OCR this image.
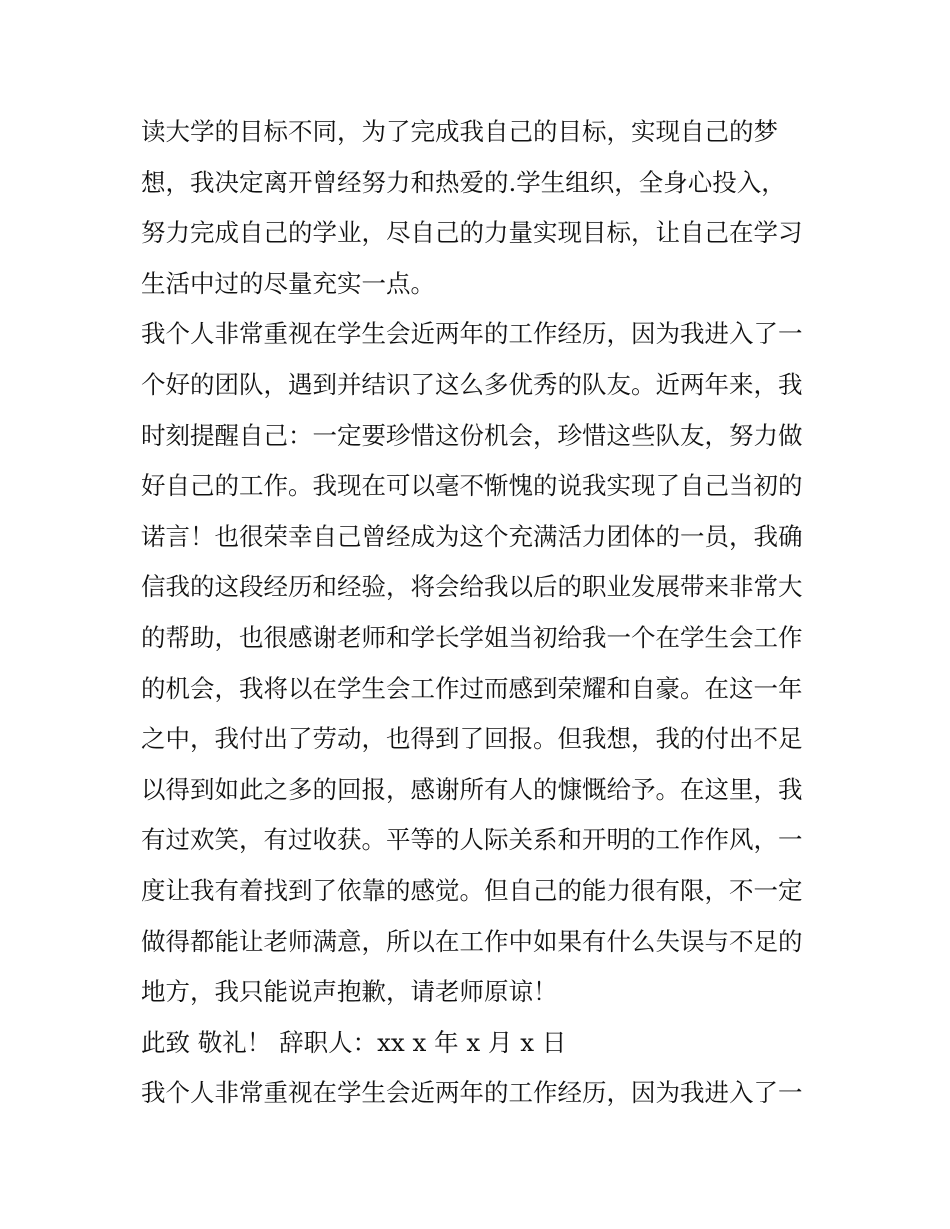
读大学的目标不同，为了完成我自己的目标，实现自己的梦
想，我决定离开曾经努力和热爱的.学生组织，全身心投入，
努力完成自己的学业，尽自己的力量实现目标，让自己在学习
生活中过的尽量充实一点。
我个人非常重视在学生会近两年的工作经历，因为我进入了一
个好的团队，遇到并结识了这么多优秀的队友。近两年来，我
时刻提醒自己：一定要珍惜这份机会，珍惜这些队友，努力做
好自己的工作。我现在可以毫不惭愧的说我实现了自己当初的
诺言！也很荣幸自己曾经成为这个充满活力团体的一员，我确
信我的这段经历和经验，将会给我以后的职业发展带来非常大
的帮助，也很感谢老师和学长学姐当初给我一个在学生会工作
的机会，我将以在学生会工作过而感到荣耀和自豪。在这一年
之中，我付出了劳动，也得到了回报。但我想，我的付出不足
以得到如此之多的回报，感谢所有人的慷慨给予。在这里，我
有过欢笑，有过收获。平等的人际关系和开明的工作作风，一
度让我有着找到了依靠的感觉。但自己的能力很有限，不一定
做得都能让老师满意，所以在工作中如果有什么失误与不足的
地方，我只能说声抱歉，请老师原谅！
此致 敬礼！ 辞职人：xx x 年 x 月 x 日
我个人非常重视在学生会近两年的工作经历，因为我进入了一
